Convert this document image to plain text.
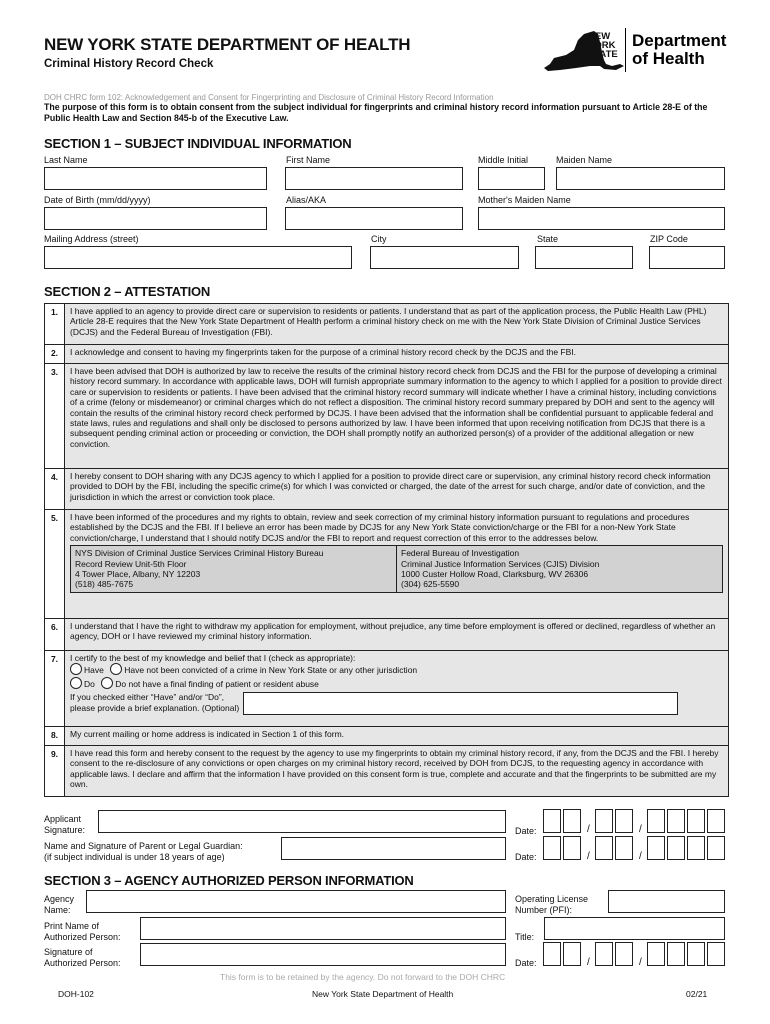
NEW YORK STATE DEPARTMENT OF HEALTH
Criminal History Record Check
NEW
YORK
STATE
Department
of Health
DOH CHRC form 102: Acknowledgement and Consent for Fingerprinting and Disclosure of Criminal History Record Information
The purpose of this form is to obtain consent from the subject individual for fingerprints and criminal history record information pursuant to Article 28-E of the Public Health Law and Section 845-b of the Executive Law.
SECTION 1 – SUBJECT INDIVIDUAL INFORMATION
Last Name	First Name	Middle Initial	Maiden Name
Date of Birth (mm/dd/yyyy)	Alias/AKA	Mother's Maiden Name
Mailing Address (street)	City	State	ZIP Code
SECTION 2 – ATTESTATION
1.	I have applied to an agency to provide direct care or supervision to residents or patients. I understand that as part of the application process, the Public Health Law (PHL) Article 28-E requires that the New York State Department of Health perform a criminal history check on me with the New York State Division of Criminal Justice Services (DCJS) and the Federal Bureau of Investigation (FBI).
2.	I acknowledge and consent to having my fingerprints taken for the purpose of a criminal history record check by the DCJS and the FBI.
3.	I have been advised that DOH is authorized by law to receive the results of the criminal history record check from DCJS and the FBI for the purpose of developing a criminal history record summary. In accordance with applicable laws, DOH will furnish appropriate summary information to the agency to which I applied for a position to provide direct care or supervision to residents or patients. I have been advised that the criminal history record summary will indicate whether I have a criminal history, including convictions of a crime (felony or misdemeanor) or criminal charges which do not reflect a disposition. The criminal history record summary prepared by DOH and sent to the agency will contain the results of the criminal history record check performed by DCJS. I have been advised that the information shall be confidential pursuant to applicable federal and state laws, rules and regulations and shall only be disclosed to persons authorized by law. I have been informed that upon receiving notification from DCJS that there is a subsequent pending criminal action or proceeding or conviction, the DOH shall promptly notify an authorized person(s) of a provider of the additional allegation or new conviction.
4.	I hereby consent to DOH sharing with any DCJS agency to which I applied for a position to provide direct care or supervision, any criminal history record check information provided to DOH by the FBI, including the specific crime(s) for which I was convicted or charged, the date of the arrest for such charge, and/or date of conviction, and the jurisdiction in which the arrest or conviction took place.
5.	I have been informed of the procedures and my rights to obtain, review and seek correction of my criminal history information pursuant to regulations and procedures established by the DCJS and the FBI. If I believe an error has been made by DCJS for any New York State conviction/charge or the FBI for a non-New York State conviction/charge, I understand that I should notify DCJS and/or the FBI to report and request correction of this error to the addresses below.
NYS Division of Criminal Justice Services Criminal History Bureau
Record Review Unit-5th Floor
4 Tower Place, Albany, NY 12203
(518) 485-7675
Federal Bureau of Investigation
Criminal Justice Information Services (CJIS) Division
1000 Custer Hollow Road, Clarksburg, WV 26306
(304) 625-5590
6.	I understand that I have the right to withdraw my application for employment, without prejudice, any time before employment is offered or declined, regardless of whether an agency, DOH or I have reviewed my criminal history information.
7.	I certify to the best of my knowledge and belief that I (check as appropriate):
Have Have not been convicted of a crime in New York State or any other jurisdiction
Do Do not have a final finding of patient or resident abuse
If you checked either “Have” and/or “Do”,
please provide a brief explanation. (Optional)
8.	My current mailing or home address is indicated in Section 1 of this form.
9.	I have read this form and hereby consent to the request by the agency to use my fingerprints to obtain my criminal history record, if any, from the DCJS and the FBI. I hereby consent to the re-disclosure of any convictions or open charges on my criminal history record, received by DOH from DCJS, to the requesting agency in accordance with applicable laws. I declare and affirm that the information I have provided on this consent form is true, complete and accurate and that the fingerprints to be submitted are my own.
Applicant
Signature:	Date:	/	/
Name and Signature of Parent or Legal Guardian:
(if subject individual is under 18 years of age)	Date:	/	/
SECTION 3 – AGENCY AUTHORIZED PERSON INFORMATION
Agency
Name:
Operating License
Number (PFI):
Print Name of
Authorized Person:	Title:
Signature of
Authorized Person:	Date:	/	/
This form is to be retained by the agency. Do not forward to the DOH CHRC
DOH-102	New York State Department of Health	02/21
